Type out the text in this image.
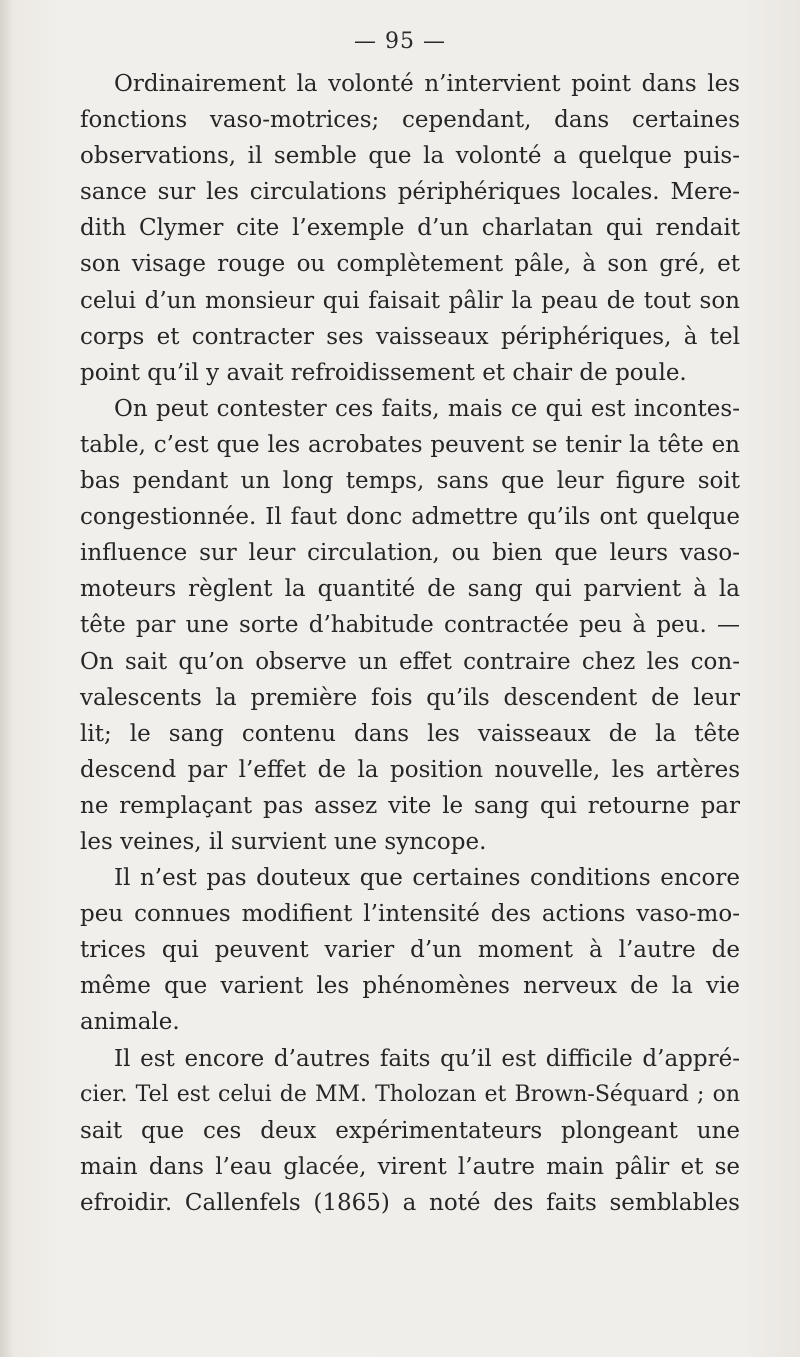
— 95 —

Ordinairement la volonté n’intervient point dans les
fonctions vaso-motrices; cependant, dans certaines
observations, il semble que la volonté a quelque puis-
sance sur les circulations périphériques locales. Mere-
dith Clymer cite l’exemple d’un charlatan qui rendait
son visage rouge ou complètement pâle, à son gré, et
celui d’un monsieur qui faisait pâlir la peau de tout son
corps et contracter ses vaisseaux périphériques, à tel
point qu’il y avait refroidissement et chair de poule.

On peut contester ces faits, mais ce qui est incontes-
table, c’est que les acrobates peuvent se tenir la tête en
bas pendant un long temps, sans que leur figure soit
congestionnée. Il faut donc admettre qu’ils ont quelque
influence sur leur circulation, ou bien que leurs vaso-
moteurs règlent la quantité de sang qui parvient à la
tête par une sorte d’habitude contractée peu à peu. —
On sait qu’on observe un effet contraire chez les con-
valescents la première fois qu’ils descendent de leur
lit; le sang contenu dans les vaisseaux de la tête
descend par l’effet de la position nouvelle, les artères
ne remplaçant pas assez vite le sang qui retourne par
les veines, il survient une syncope.

Il n’est pas douteux que certaines conditions encore
peu connues modifient l’intensité des actions vaso-mo-
trices qui peuvent varier d’un moment à l’autre de
même que varient les phénomènes nerveux de la vie
animale.

Il est encore d’autres faits qu’il est difficile d’appré-
cier. Tel est celui de MM. Tholozan et Brown-Séquard ; on
sait que ces deux expérimentateurs plongeant une
main dans l’eau glacée, virent l’autre main pâlir et se
efroidir. Callenfels (1865) a noté des faits semblables
